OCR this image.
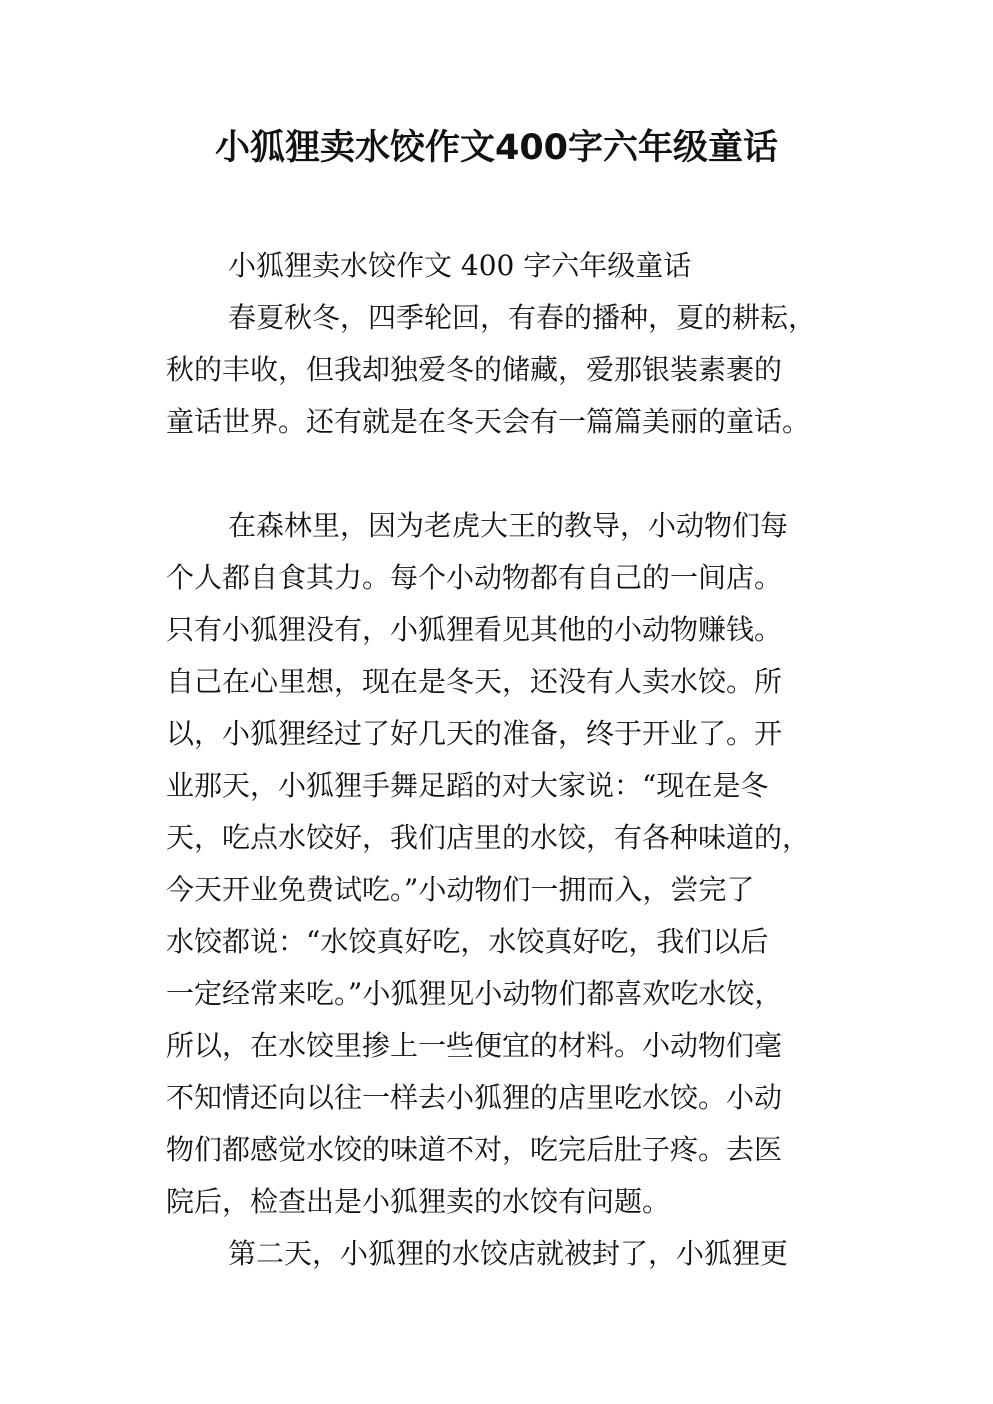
小狐狸卖水饺作文400字六年级童话
小狐狸卖水饺作文 400 字六年级童话
春夏秋冬，四季轮回，有春的播种，夏的耕耘，
秋的丰收，但我却独爱冬的储藏，爱那银装素裹的
童话世界。还有就是在冬天会有一篇篇美丽的童话。
在森林里，因为老虎大王的教导，小动物们每
个人都自食其力。每个小动物都有自己的一间店。
只有小狐狸没有，小狐狸看见其他的小动物赚钱。
自己在心里想，现在是冬天，还没有人卖水饺。所
以，小狐狸经过了好几天的准备，终于开业了。开
业那天，小狐狸手舞足蹈的对大家说：“现在是冬
天，吃点水饺好，我们店里的水饺，有各种味道的，
今天开业免费试吃。”小动物们一拥而入，尝完了
水饺都说：“水饺真好吃，水饺真好吃，我们以后
一定经常来吃。”小狐狸见小动物们都喜欢吃水饺，
所以，在水饺里掺上一些便宜的材料。小动物们毫
不知情还向以往一样去小狐狸的店里吃水饺。小动
物们都感觉水饺的味道不对，吃完后肚子疼。去医
院后，检查出是小狐狸卖的水饺有问题。
第二天，小狐狸的水饺店就被封了，小狐狸更
